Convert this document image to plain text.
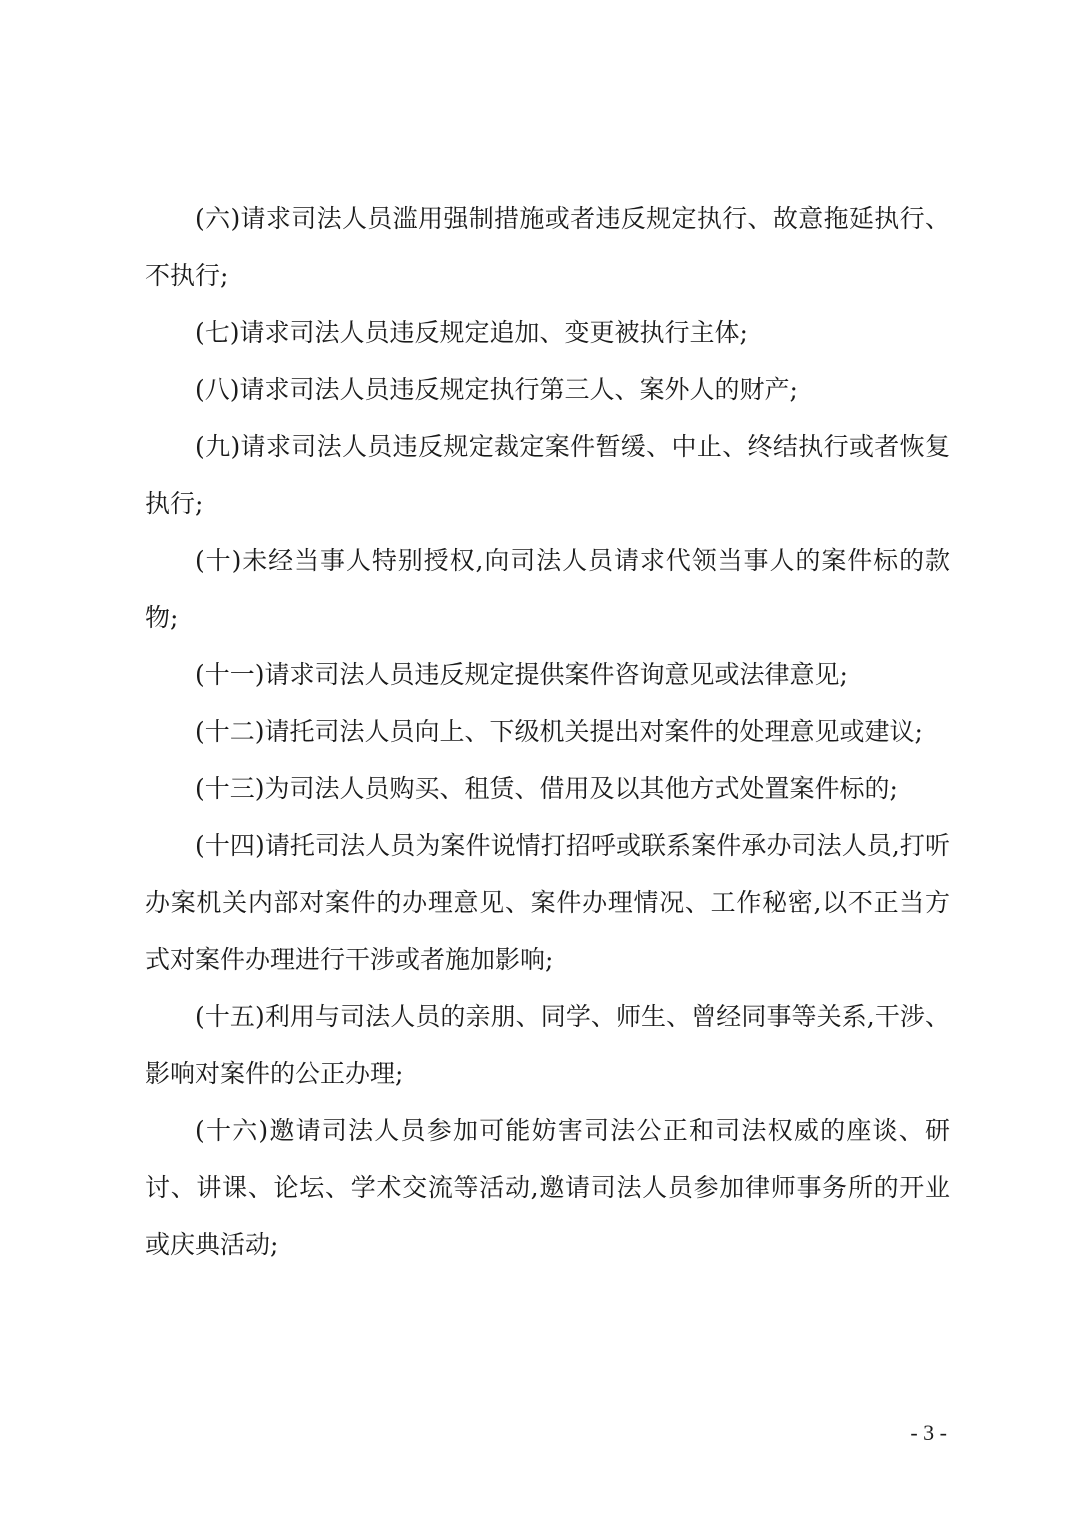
(六)请求司法人员滥用强制措施或者违反规定执行、故意拖延执行、不执行;

(七)请求司法人员违反规定追加、变更被执行主体;

(八)请求司法人员违反规定执行第三人、案外人的财产;

(九)请求司法人员违反规定裁定案件暂缓、中止、终结执行或者恢复执行;

(十)未经当事人特别授权,向司法人员请求代领当事人的案件标的款物;

(十一)请求司法人员违反规定提供案件咨询意见或法律意见;

(十二)请托司法人员向上、下级机关提出对案件的处理意见或建议;

(十三)为司法人员购买、租赁、借用及以其他方式处置案件标的;

(十四)请托司法人员为案件说情打招呼或联系案件承办司法人员,打听办案机关内部对案件的办理意见、案件办理情况、工作秘密,以不正当方式对案件办理进行干涉或者施加影响;

(十五)利用与司法人员的亲朋、同学、师生、曾经同事等关系,干涉、影响对案件的公正办理;

(十六)邀请司法人员参加可能妨害司法公正和司法权威的座谈、研讨、讲课、论坛、学术交流等活动,邀请司法人员参加律师事务所的开业或庆典活动;

- 3 -
